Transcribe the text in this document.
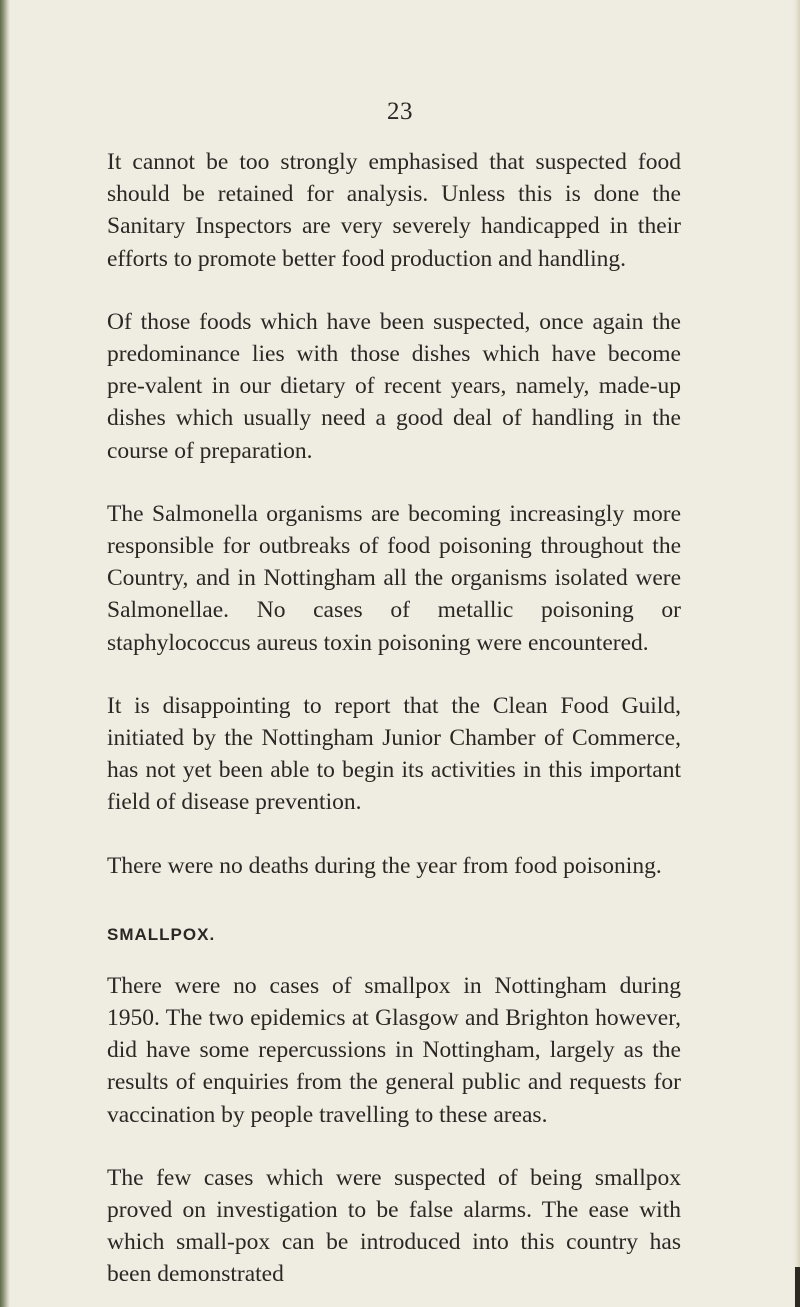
23

It cannot be too strongly emphasised that suspected food should be retained for analysis. Unless this is done the Sanitary Inspectors are very severely handicapped in their efforts to promote better food production and handling.

Of those foods which have been suspected, once again the predominance lies with those dishes which have become pre-valent in our dietary of recent years, namely, made-up dishes which usually need a good deal of handling in the course of preparation.

The Salmonella organisms are becoming increasingly more responsible for outbreaks of food poisoning throughout the Country, and in Nottingham all the organisms isolated were Salmonellae. No cases of metallic poisoning or staphylococcus aureus toxin poisoning were encountered.

It is disappointing to report that the Clean Food Guild, initiated by the Nottingham Junior Chamber of Commerce, has not yet been able to begin its activities in this important field of disease prevention.

There were no deaths during the year from food poisoning.

SMALLPOX.

There were no cases of smallpox in Nottingham during 1950. The two epidemics at Glasgow and Brighton however, did have some repercussions in Nottingham, largely as the results of enquiries from the general public and requests for vaccination by people travelling to these areas.

The few cases which were suspected of being smallpox proved on investigation to be false alarms. The ease with which small-pox can be introduced into this country has been demonstrated
